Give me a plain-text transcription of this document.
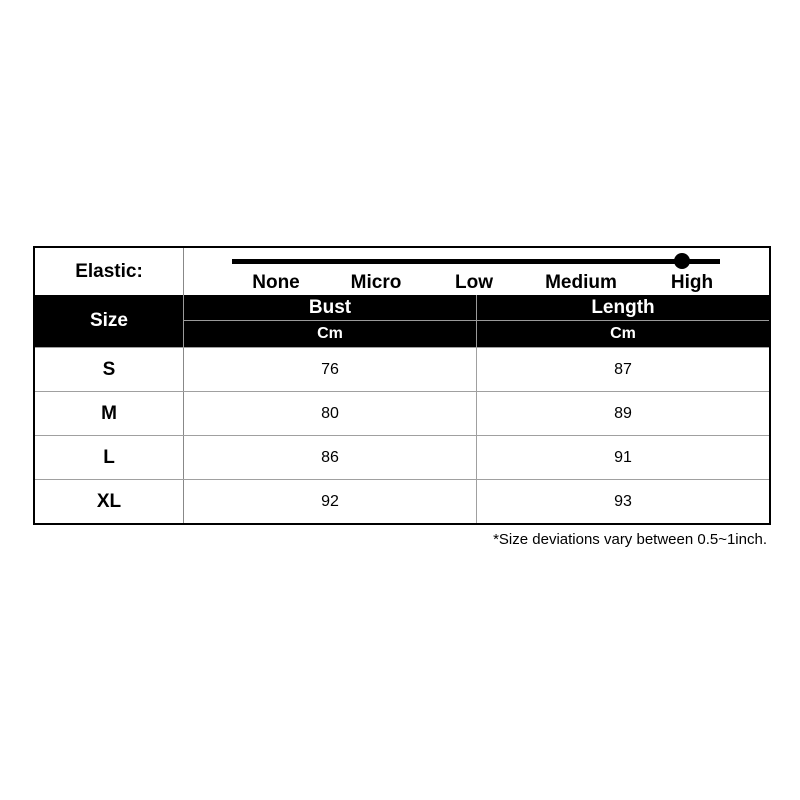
Elastic:
None	Micro	Low	Medium	High
Size
Bust	Length
Cm	Cm
S	76	87
M	80	89
L	86	91
XL	92	93
*Size deviations vary between 0.5~1inch.
